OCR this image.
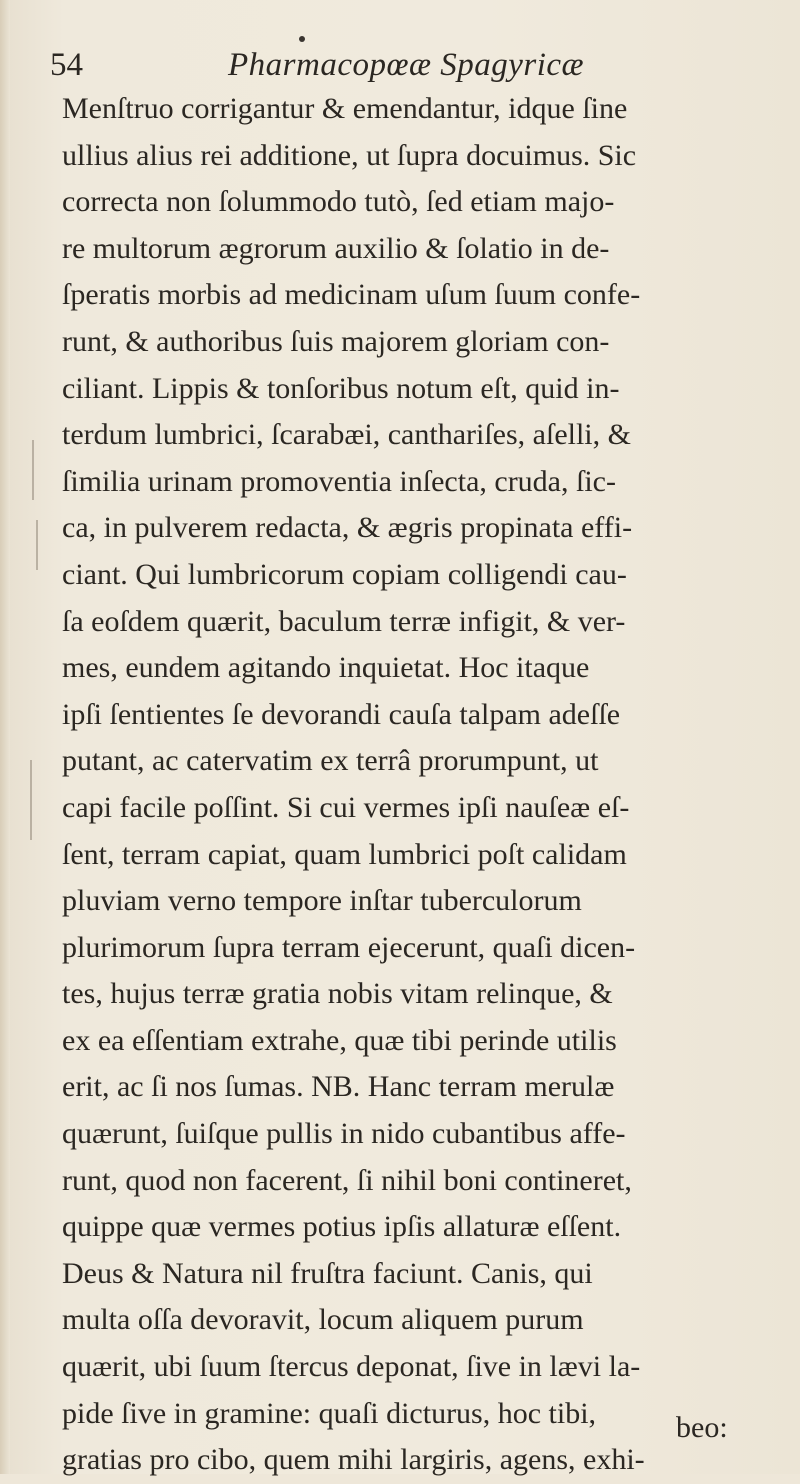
54	Pharmacopœæ Spagyricæ
Menſtruo corrigantur & emendantur, idque ſine
ullius alius rei additione, ut ſupra docuimus. Sic
correcta non ſolummodo tutò, ſed etiam majo-
re multorum ægrorum auxilio & ſolatio in de-
ſperatis morbis ad medicinam uſum ſuum confe-
runt, & authoribus ſuis majorem gloriam con-
ciliant. Lippis & tonſoribus notum eſt, quid in-
terdum lumbrici, ſcarabæi, canthariſes, aſelli, &
ſimilia urinam promoventia inſecta, cruda, ſic-
ca, in pulverem redacta, & ægris propinata effi-
ciant. Qui lumbricorum copiam colligendi cau-
ſa eoſdem quærit, baculum terræ infigit, & ver-
mes, eundem agitando inquietat. Hoc itaque
ipſi ſentientes ſe devorandi cauſa talpam adeſſe
putant, ac catervatim ex terrâ prorumpunt, ut
capi facile poſſint. Si cui vermes ipſi nauſeæ eſ-
ſent, terram capiat, quam lumbrici poſt calidam
pluviam verno tempore inſtar tuberculorum
plurimorum ſupra terram ejecerunt, quaſi dicen-
tes, hujus terræ gratia nobis vitam relinque, &
ex ea eſſentiam extrahe, quæ tibi perinde utilis
erit, ac ſi nos ſumas. NB. Hanc terram merulæ
quærunt, ſuiſque pullis in nido cubantibus affe-
runt, quod non facerent, ſi nihil boni contineret,
quippe quæ vermes potius ipſis allaturæ eſſent.
Deus & Natura nil fruſtra faciunt. Canis, qui
multa oſſa devoravit, locum aliquem purum
quærit, ubi ſuum ſtercus deponat, ſive in lævi la-
pide ſive in gramine: quaſi dicturus, hoc tibi,
gratias pro cibo, quem mihi largiris, agens, exhi-
beo:
